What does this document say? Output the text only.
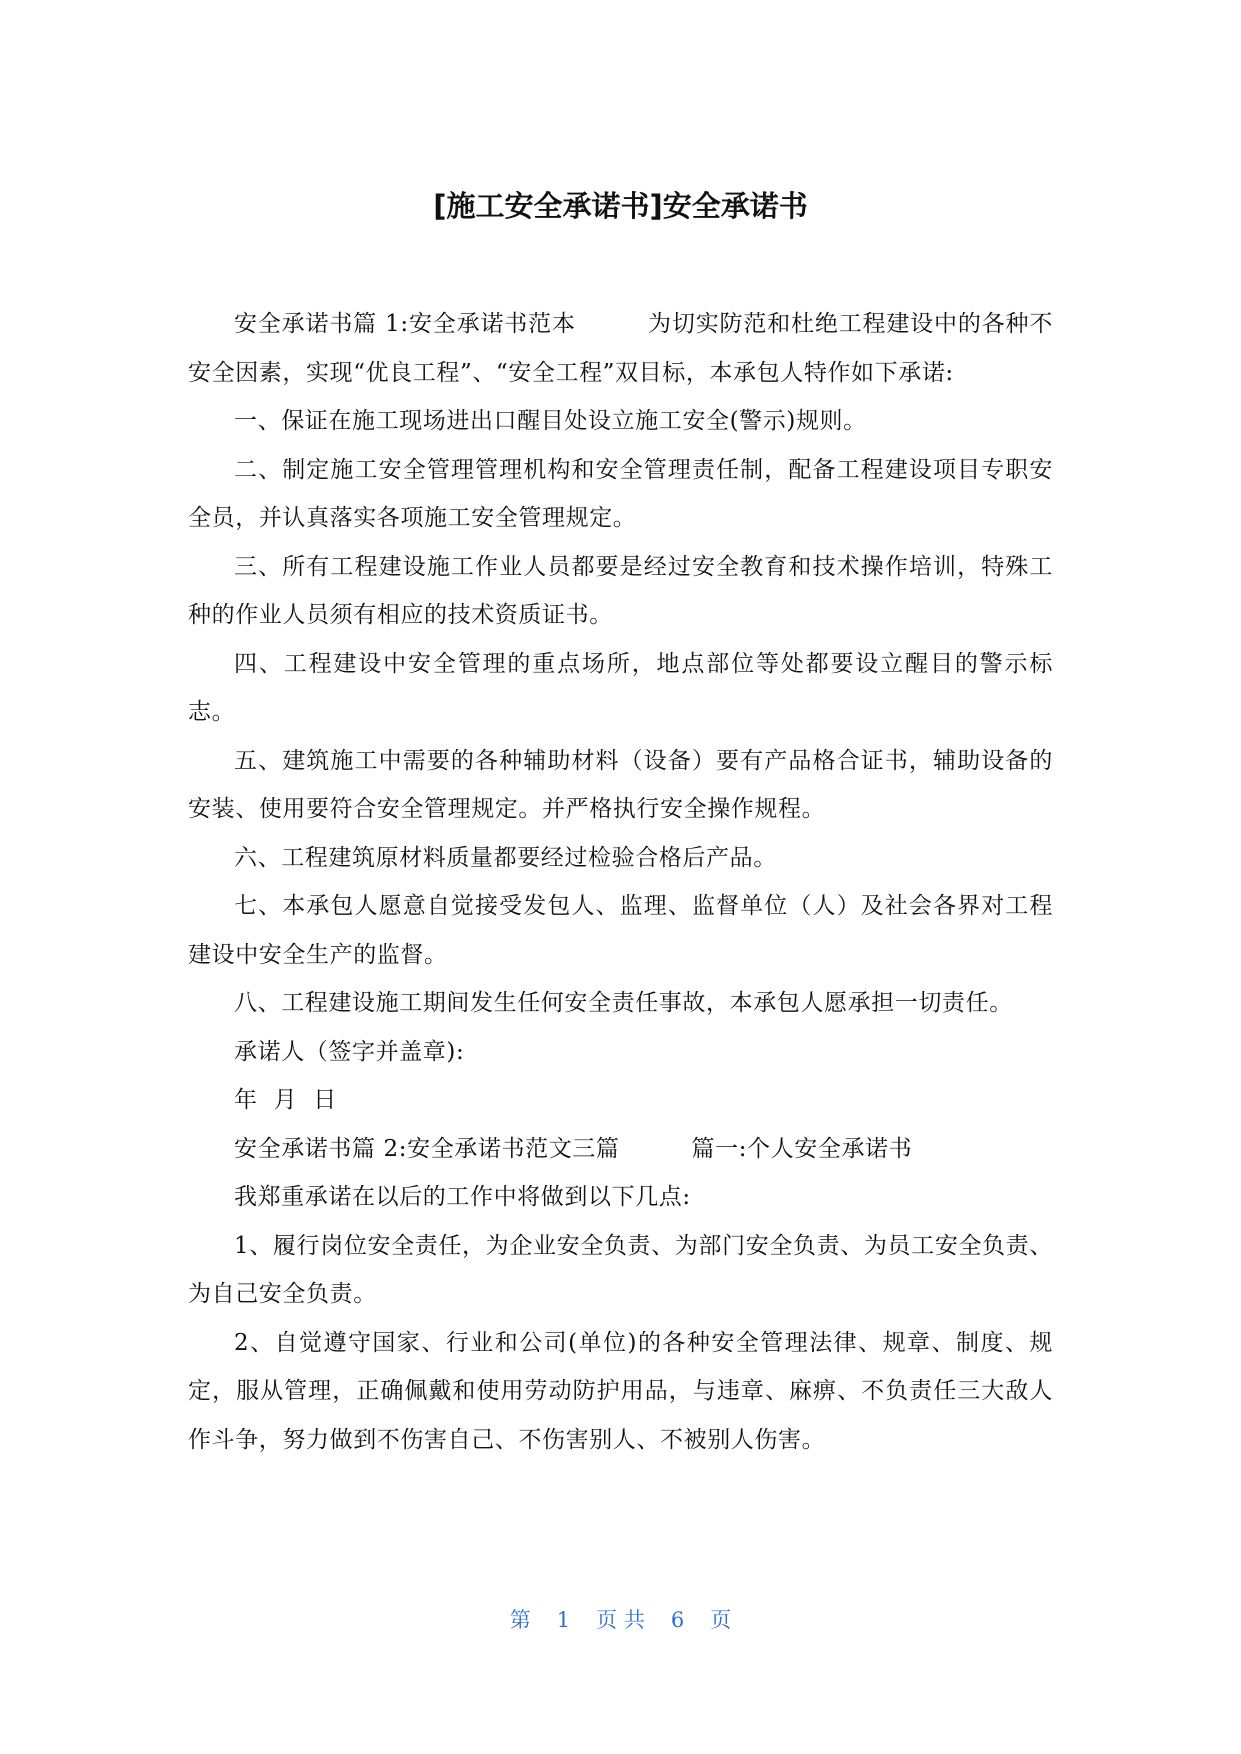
[施工安全承诺书]安全承诺书

安全承诺书篇 1:安全承诺书范本	为切实防范和杜绝工程建设中的各种不安全因素，实现“优良工程”、“安全工程”双目标，本承包人特作如下承诺:

一、保证在施工现场进出口醒目处设立施工安全(警示)规则。

二、制定施工安全管理管理机构和安全管理责任制，配备工程建设项目专职安全员，并认真落实各项施工安全管理规定。

三、所有工程建设施工作业人员都要是经过安全教育和技术操作培训，特殊工种的作业人员须有相应的技术资质证书。

四、工程建设中安全管理的重点场所，地点部位等处都要设立醒目的警示标志。

五、建筑施工中需要的各种辅助材料（设备）要有产品格合证书，辅助设备的安装、使用要符合安全管理规定。并严格执行安全操作规程。

六、工程建筑原材料质量都要经过检验合格后产品。

七、本承包人愿意自觉接受发包人、监理、监督单位（人）及社会各界对工程建设中安全生产的监督。

八、工程建设施工期间发生任何安全责任事故，本承包人愿承担一切责任。

承诺人（签字并盖章):

年 月 日

安全承诺书篇 2:安全承诺书范文三篇	篇一:个人安全承诺书

我郑重承诺在以后的工作中将做到以下几点:

1、履行岗位安全责任，为企业安全负责、为部门安全负责、为员工安全负责、为自己安全负责。

2、自觉遵守国家、行业和公司(单位)的各种安全管理法律、规章、制度、规定，服从管理，正确佩戴和使用劳动防护用品，与违章、麻痹、不负责任三大敌人作斗争，努力做到不伤害自己、不伤害别人、不被别人伤害。

第 1 页 共 6 页
